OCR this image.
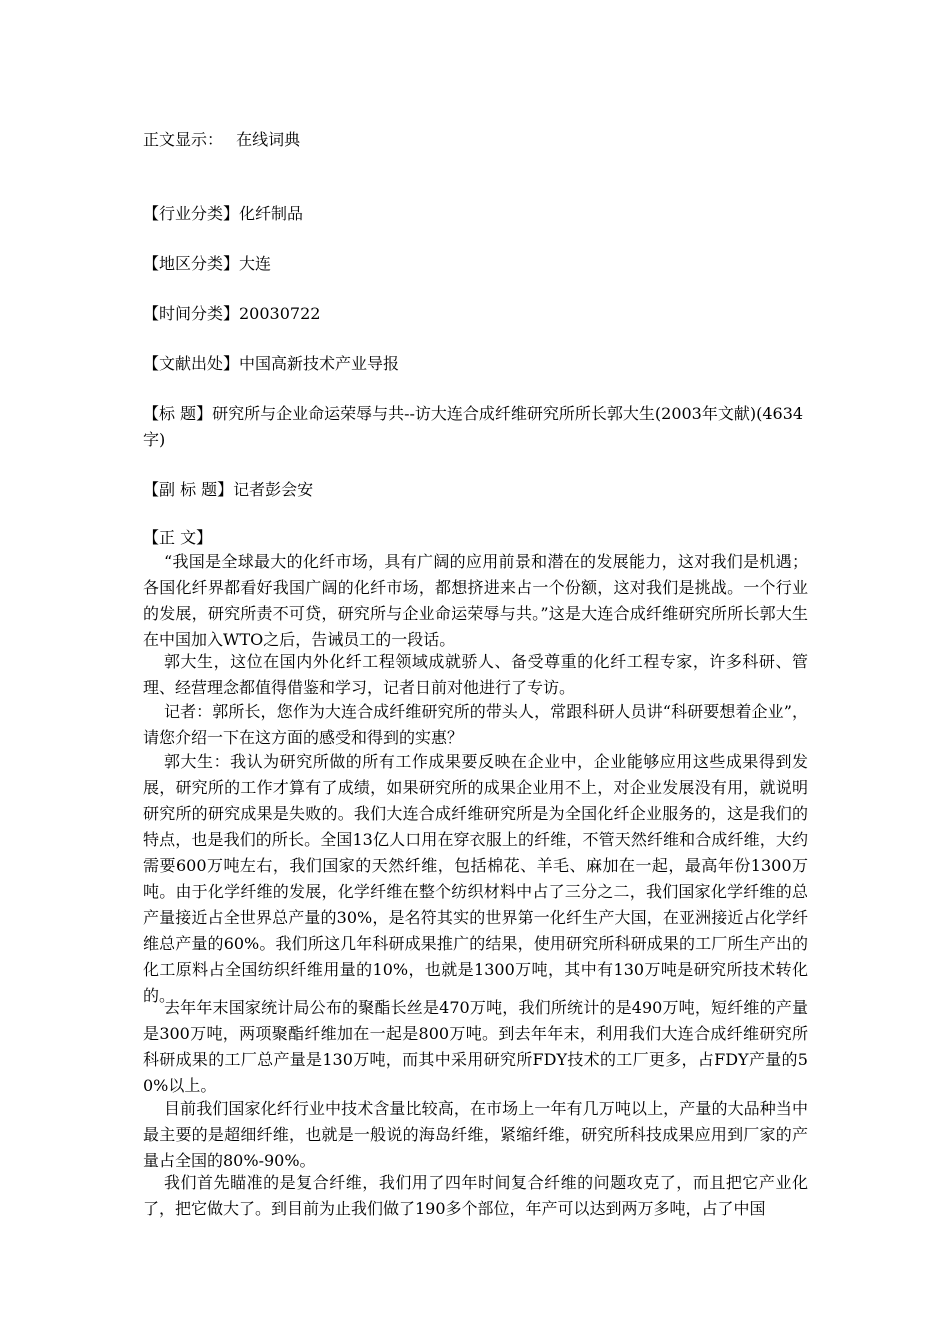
正文显示： 在线词典
【行业分类】化纤制品
【地区分类】大连
【时间分类】20030722
【文献出处】中国高新技术产业导报
【标 题】研究所与企业命运荣辱与共--访大连合成纤维研究所所长郭大生(2003年文献)(4634字)
【副 标 题】记者彭会安
【正 文】

“我国是全球最大的化纤市场，具有广阔的应用前景和潜在的发展能力，这对我们是机遇；各国化纤界都看好我国广阔的化纤市场，都想挤进来占一个份额，这对我们是挑战。一个行业的发展，研究所责不可贷，研究所与企业命运荣辱与共。”这是大连合成纤维研究所所长郭大生在中国加入WTO之后，告诫员工的一段话。

郭大生，这位在国内外化纤工程领域成就骄人、备受尊重的化纤工程专家，许多科研、管理、经营理念都值得借鉴和学习，记者日前对他进行了专访。

记者：郭所长，您作为大连合成纤维研究所的带头人，常跟科研人员讲“科研要想着企业”，请您介绍一下在这方面的感受和得到的实惠？

郭大生：我认为研究所做的所有工作成果要反映在企业中，企业能够应用这些成果得到发展，研究所的工作才算有了成绩，如果研究所的成果企业用不上，对企业发展没有用，就说明研究所的研究成果是失败的。我们大连合成纤维研究所是为全国化纤企业服务的，这是我们的特点，也是我们的所长。全国13亿人口用在穿衣服上的纤维，不管天然纤维和合成纤维，大约需要600万吨左右，我们国家的天然纤维，包括棉花、羊毛、麻加在一起，最高年份1300万吨。由于化学纤维的发展，化学纤维在整个纺织材料中占了三分之二，我们国家化学纤维的总产量接近占全世界总产量的30%，是名符其实的世界第一化纤生产大国，在亚洲接近占化学纤维总产量的60%。我们所这几年科研成果推广的结果，使用研究所科研成果的工厂所生产出的化工原料占全国纺织纤维用量的10%，也就是1300万吨，其中有130万吨是研究所技术转化的。

去年年末国家统计局公布的聚酯长丝是470万吨，我们所统计的是490万吨，短纤维的产量是300万吨，两项聚酯纤维加在一起是800万吨。到去年年末，利用我们大连合成纤维研究所科研成果的工厂总产量是130万吨，而其中采用研究所FDY技术的工厂更多，占FDY产量的50%以上。

目前我们国家化纤行业中技术含量比较高，在市场上一年有几万吨以上，产量的大品种当中最主要的是超细纤维，也就是一般说的海岛纤维，紧缩纤维，研究所科技成果应用到厂家的产量占全国的80%-90%。

我们首先瞄准的是复合纤维，我们用了四年时间复合纤维的问题攻克了，而且把它产业化了，把它做大了。到目前为止我们做了190多个部位，年产可以达到两万多吨，占了中国
